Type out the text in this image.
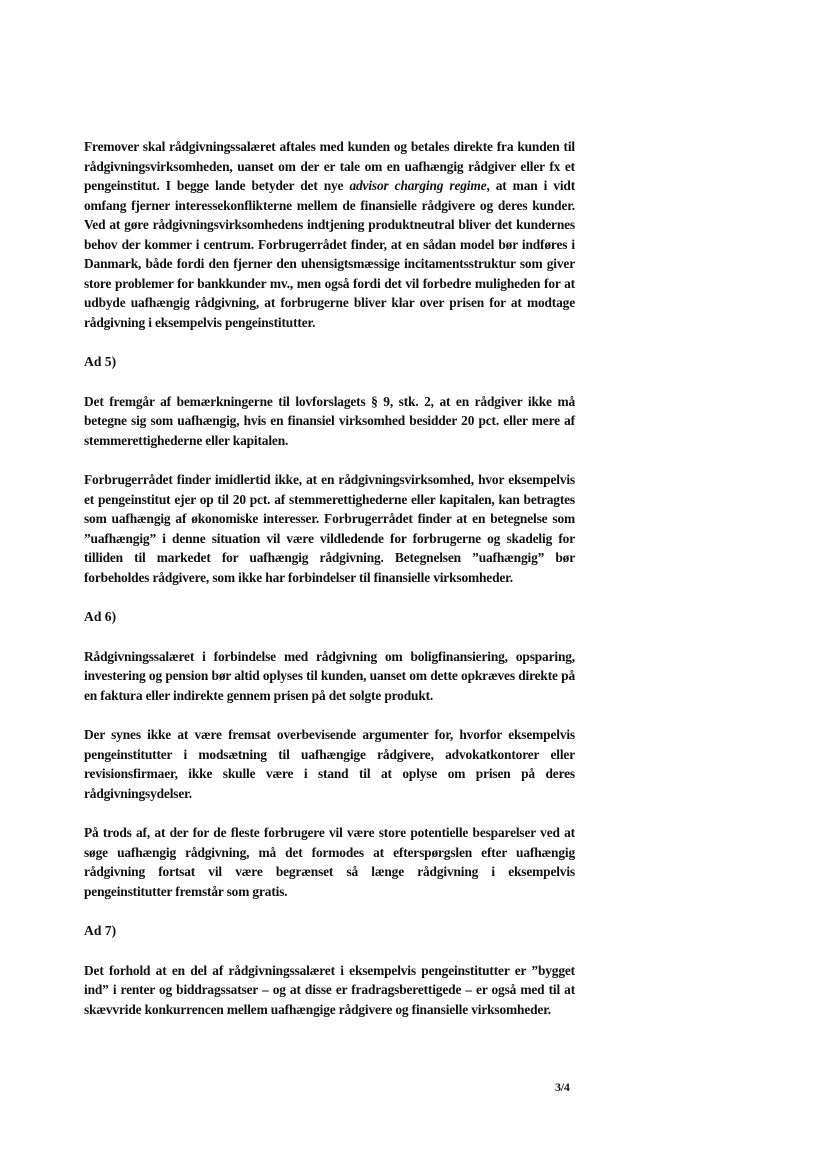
Fremover skal rådgivningssalæret aftales med kunden og betales direkte fra kunden til rådgivningsvirksomheden, uanset om der er tale om en uafhængig rådgiver eller fx et pengeinstitut. I begge lande betyder det nye advisor charging regime, at man i vidt omfang fjerner interessekonflikterne mellem de finansielle rådgivere og deres kunder. Ved at gøre rådgivningsvirksomhedens indtjening produktneutral bliver det kundernes behov der kommer i centrum. Forbrugerrådet finder, at en sådan model bør indføres i Danmark, både fordi den fjerner den uhensigtsmæssige incitamentsstruktur som giver store problemer for bankkunder mv., men også fordi det vil forbedre muligheden for at udbyde uafhængig rådgivning, at forbrugerne bliver klar over prisen for at modtage rådgivning i eksempelvis pengeinstitutter.

Ad 5)

Det fremgår af bemærkningerne til lovforslagets § 9, stk. 2, at en rådgiver ikke må betegne sig som uafhængig, hvis en finansiel virksomhed besidder 20 pct. eller mere af stemmerettighederne eller kapitalen.

Forbrugerrådet finder imidlertid ikke, at en rådgivningsvirksomhed, hvor eksempelvis et pengeinstitut ejer op til 20 pct. af stemmerettighederne eller kapitalen, kan betragtes som uafhængig af økonomiske interesser. Forbrugerrådet finder at en betegnelse som ”uafhængig” i denne situation vil være vildledende for forbrugerne og skadelig for tilliden til markedet for uafhængig rådgivning. Betegnelsen ”uafhængig” bør forbeholdes rådgivere, som ikke har forbindelser til finansielle virksomheder.

Ad 6)

Rådgivningssalæret i forbindelse med rådgivning om boligfinansiering, opsparing, investering og pension bør altid oplyses til kunden, uanset om dette opkræves direkte på en faktura eller indirekte gennem prisen på det solgte produkt.

Der synes ikke at være fremsat overbevisende argumenter for, hvorfor eksempelvis pengeinstitutter i modsætning til uafhængige rådgivere, advokatkontorer eller revisionsfirmaer, ikke skulle være i stand til at oplyse om prisen på deres rådgivningsydelser.

På trods af, at der for de fleste forbrugere vil være store potentielle besparelser ved at søge uafhængig rådgivning, må det formodes at efterspørgslen efter uafhængig rådgivning fortsat vil være begrænset så længe rådgivning i eksempelvis pengeinstitutter fremstår som gratis.

Ad 7)

Det forhold at en del af rådgivningssalæret i eksempelvis pengeinstitutter er ”bygget ind” i renter og biddragssatser – og at disse er fradragsberettigede – er også med til at skævvride konkurrencen mellem uafhængige rådgivere og finansielle virksomheder.

3/4
